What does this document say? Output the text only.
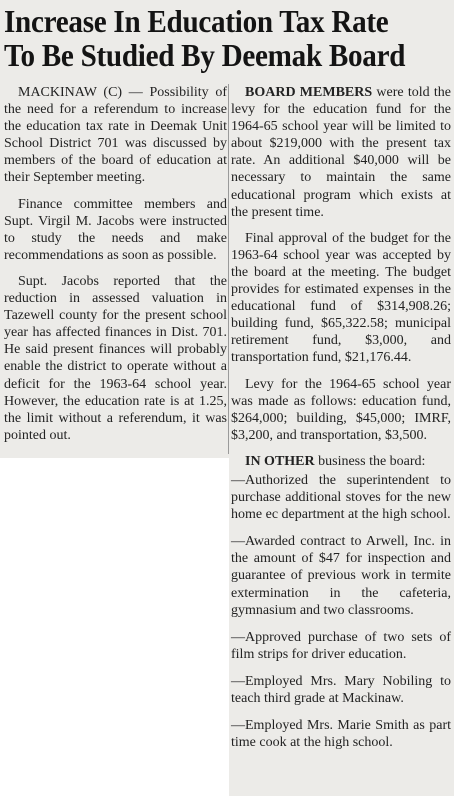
Increase In Education Tax Rate
To Be Studied By Deemak Board

MACKINAW (C) — Possibility of the need for a referendum to increase the education tax rate in Deemak Unit School District 701 was discussed by members of the board of education at their September meeting.

Finance committee members and Supt. Virgil M. Jacobs were instructed to study the needs and make recommendations as soon as possible.

Supt. Jacobs reported that the reduction in assessed valuation in Tazewell county for the present school year has affected finances in Dist. 701. He said present finances will probably enable the district to operate without a deficit for the 1963-64 school year. However, the education rate is at 1.25, the limit without a referendum, it was pointed out.

BOARD MEMBERS were told the levy for the education fund for the 1964-65 school year will be limited to about $219,000 with the present tax rate. An additional $40,000 will be necessary to maintain the same educational program which exists at the present time.

Final approval of the budget for the 1963-64 school year was accepted by the board at the meeting. The budget provides for estimated expenses in the educational fund of $314,908.26; building fund, $65,322.58; municipal retirement fund, $3,000, and transportation fund, $21,176.44.

Levy for the 1964-65 school year was made as follows: education fund, $264,000; building, $45,000; IMRF, $3,200, and transportation, $3,500.

IN OTHER business the board:

—Authorized the superintendent to purchase additional stoves for the new home ec department at the high school.

—Awarded contract to Arwell, Inc. in the amount of $47 for inspection and guarantee of previous work in termite extermination in the cafeteria, gymnasium and two classrooms.

—Approved purchase of two sets of film strips for driver education.

—Employed Mrs. Mary Nobiling to teach third grade at Mackinaw.

—Employed Mrs. Marie Smith as part time cook at the high school.
